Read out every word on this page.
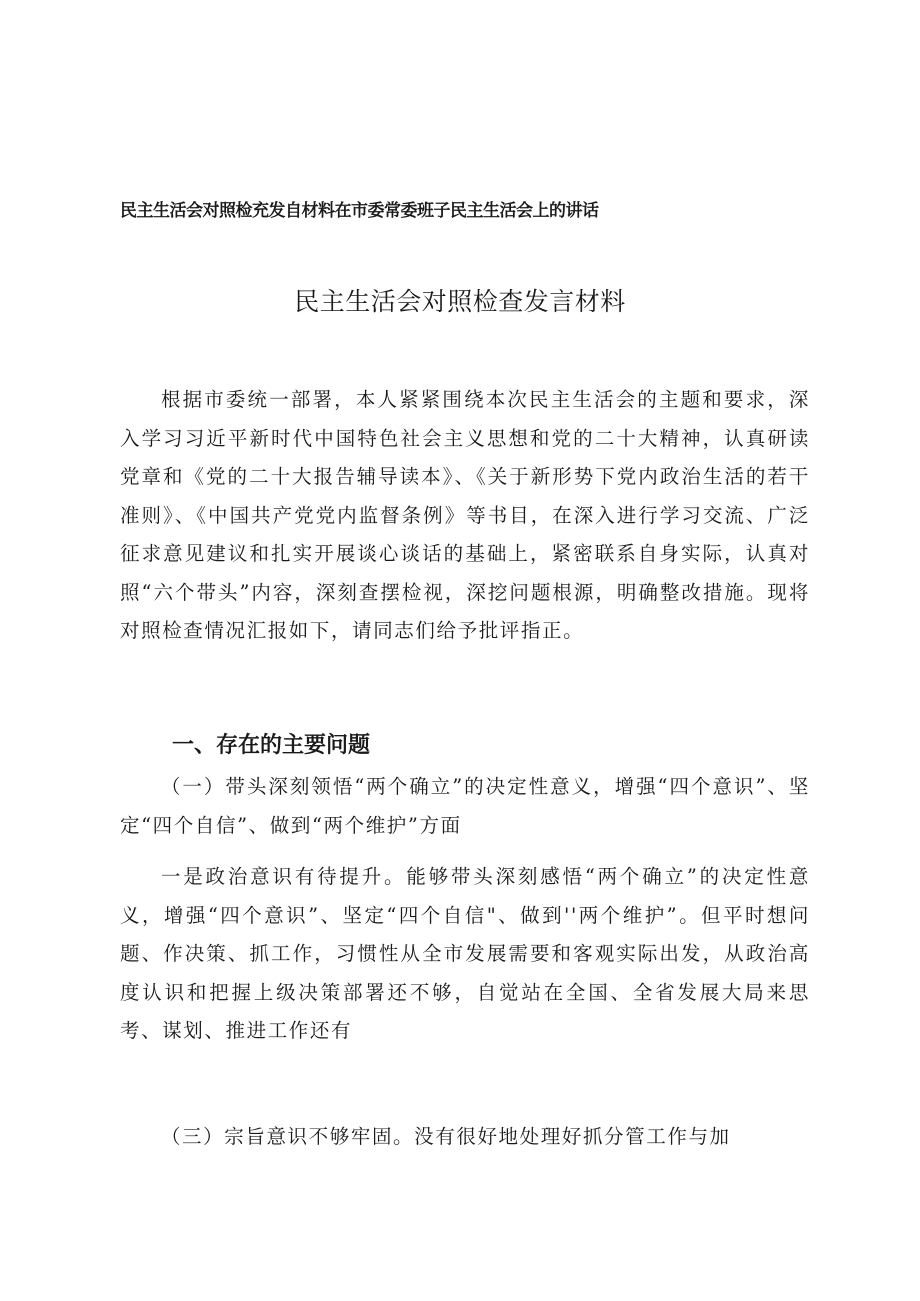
民主生活会对照检充发自材料在市委常委班子民主生活会上的讲话
民主生活会对照检查发言材料

根据市委统一部署，本人紧紧围绕本次民主生活会的主题和要求，深入学习习近平新时代中国特色社会主义思想和党的二十大精神，认真研读党章和《党的二十大报告辅导读本》、《关于新形势下党内政治生活的若干准则》、《中国共产党党内监督条例》等书目，在深入进行学习交流、广泛征求意见建议和扎实开展谈心谈话的基础上，紧密联系自身实际，认真对照“六个带头”内容，深刻查摆检视，深挖问题根源，明确整改措施。现将对照检查情况汇报如下，请同志们给予批评指正。

一、存在的主要问题

（一）带头深刻领悟“两个确立”的决定性意义，增强“四个意识”、坚定“四个自信”、做到“两个维护”方面

一是政治意识有待提升。能够带头深刻感悟“两个确立”的决定性意义，增强“四个意识”、坚定“四个自信"、做到''两个维护”。但平时想问题、作决策、抓工作，习惯性从全市发展需要和客观实际出发，从政治高度认识和把握上级决策部署还不够，自觉站在全国、全省发展大局来思考、谋划、推进工作还有

（三）宗旨意识不够牢固。没有很好地处理好抓分管工作与加
